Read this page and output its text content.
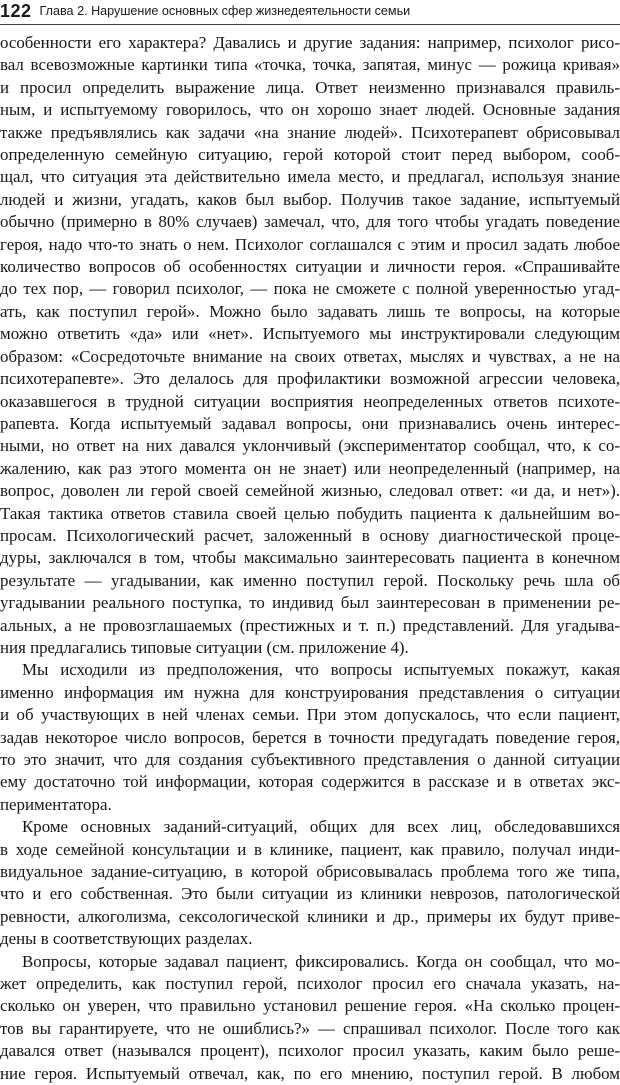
122 Глава 2. Нарушение основных сфер жизнедеятельности семьи
особенности его характера? Давались и другие задания: например, психолог рисо-
вал всевозможные картинки типа «точка, точка, запятая, минус — рожица кривая»
и просил определить выражение лица. Ответ неизменно признавался правиль-
ным, и испытуемому говорилось, что он хорошо знает людей. Основные задания
также предъявлялись как задачи «на знание людей». Психотерапевт обрисовывал
определенную семейную ситуацию, герой которой стоит перед выбором, сооб-
щал, что ситуация эта действительно имела место, и предлагал, используя знание
людей и жизни, угадать, каков был выбор. Получив такое задание, испытуемый
обычно (примерно в 80% случаев) замечал, что, для того чтобы угадать поведение
героя, надо что-то знать о нем. Психолог соглашался с этим и просил задать любое
количество вопросов об особенностях ситуации и личности героя. «Спрашивайте
до тех пор, — говорил психолог, — пока не сможете с полной уверенностью угад-
ать, как поступил герой». Можно было задавать лишь те вопросы, на которые
можно ответить «да» или «нет». Испытуемого мы инструктировали следующим
образом: «Сосредоточьте внимание на своих ответах, мыслях и чувствах, а не на
психотерапевте». Это делалось для профилактики возможной агрессии человека,
оказавшегося в трудной ситуации восприятия неопределенных ответов психоте-
рапевта. Когда испытуемый задавал вопросы, они признавались очень интерес-
ными, но ответ на них давался уклончивый (экспериментатор сообщал, что, к со-
жалению, как раз этого момента он не знает) или неопределенный (например, на
вопрос, доволен ли герой своей семейной жизнью, следовал ответ: «и да, и нет»).
Такая тактика ответов ставила своей целью побудить пациента к дальнейшим во-
просам. Психологический расчет, заложенный в основу диагностической проце-
дуры, заключался в том, чтобы максимально заинтересовать пациента в конечном
результате — угадывании, как именно поступил герой. Поскольку речь шла об
угадывании реального поступка, то индивид был заинтересован в применении ре-
альных, а не провозглашаемых (престижных и т. п.) представлений. Для угадыва-
ния предлагались типовые ситуации (см. приложение 4).
Мы исходили из предположения, что вопросы испытуемых покажут, какая
именно информация им нужна для конструирования представления о ситуации
и об участвующих в ней членах семьи. При этом допускалось, что если пациент,
задав некоторое число вопросов, берется в точности предугадать поведение героя,
то это значит, что для создания субъективного представления о данной ситуации
ему достаточно той информации, которая содержится в рассказе и в ответах экс-
периментатора.
Кроме основных заданий-ситуаций, общих для всех лиц, обследовавшихся
в ходе семейной консультации и в клинике, пациент, как правило, получал инди-
видуальное задание-ситуацию, в которой обрисовывалась проблема того же типа,
что и его собственная. Это были ситуации из клиники неврозов, патологической
ревности, алкоголизма, сексологической клиники и др., примеры их будут приве-
дены в соответствующих разделах.
Вопросы, которые задавал пациент, фиксировались. Когда он сообщал, что мо-
жет определить, как поступил герой, психолог просил его сначала указать, на-
сколько он уверен, что правильно установил решение героя. «На сколько процен-
тов вы гарантируете, что не ошиблись?» — спрашивал психолог. После того как
давался ответ (назывался процент), психолог просил указать, каким было реше-
ние героя. Испытуемый отвечал, как, по его мнению, поступил герой. В любом
